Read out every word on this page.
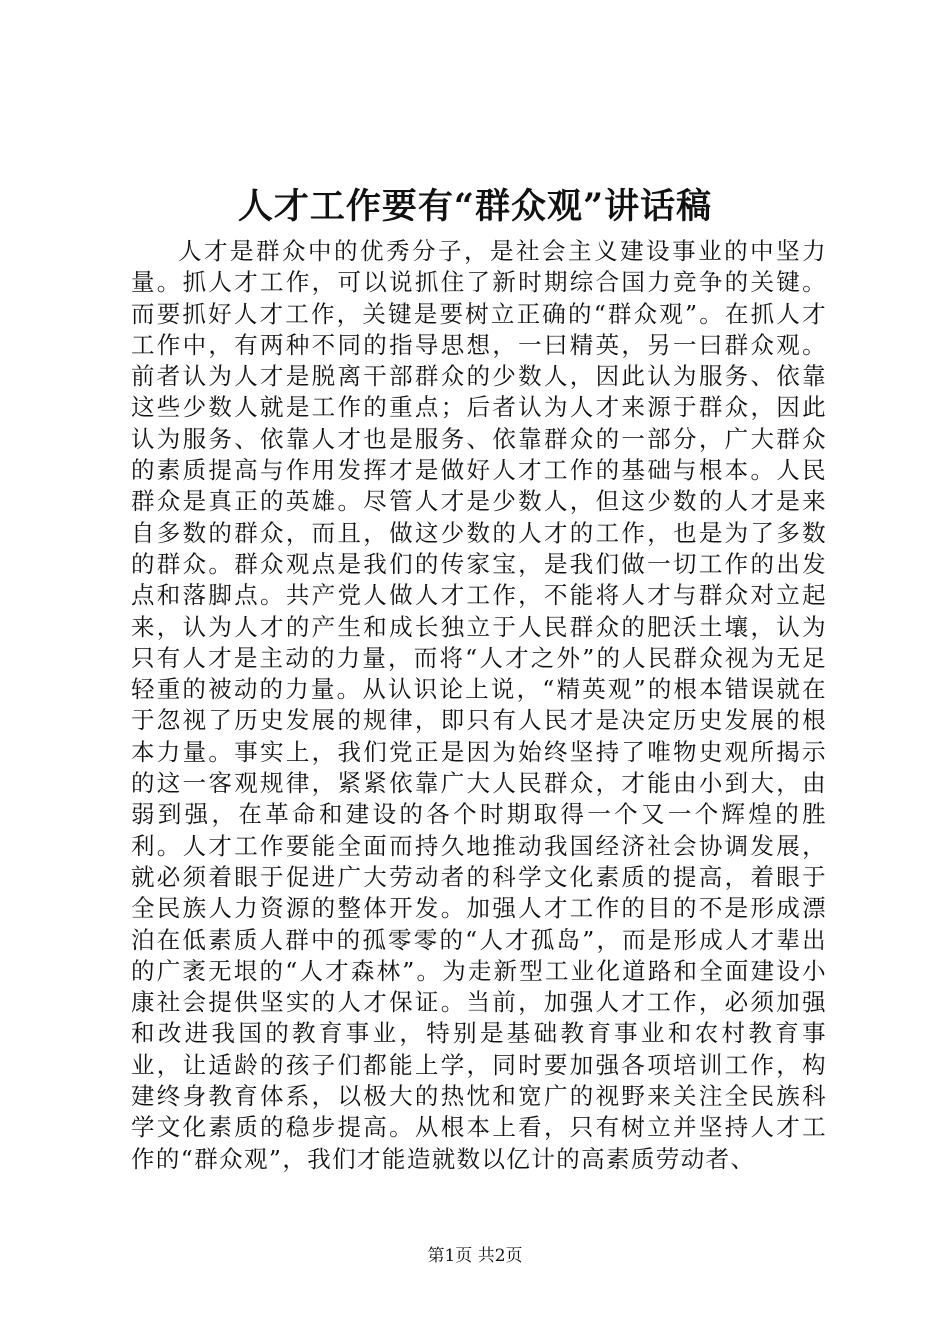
人才工作要有“群众观”讲话稿
人才是群众中的优秀分子，是社会主义建设事业的中坚力量。抓人才工作，可以说抓住了新时期综合国力竞争的关键。而要抓好人才工作，关键是要树立正确的“群众观”。在抓人才工作中，有两种不同的指导思想，一曰精英，另一曰群众观。前者认为人才是脱离干部群众的少数人，因此认为服务、依靠这些少数人就是工作的重点；后者认为人才来源于群众，因此认为服务、依靠人才也是服务、依靠群众的一部分，广大群众的素质提高与作用发挥才是做好人才工作的基础与根本。人民群众是真正的英雄。尽管人才是少数人，但这少数的人才是来自多数的群众，而且，做这少数的人才的工作，也是为了多数的群众。群众观点是我们的传家宝，是我们做一切工作的出发点和落脚点。共产党人做人才工作，不能将人才与群众对立起来，认为人才的产生和成长独立于人民群众的肥沃土壤，认为只有人才是主动的力量，而将“人才之外”的人民群众视为无足轻重的被动的力量。从认识论上说，“精英观”的根本错误就在于忽视了历史发展的规律，即只有人民才是决定历史发展的根本力量。事实上，我们党正是因为始终坚持了唯物史观所揭示的这一客观规律，紧紧依靠广大人民群众，才能由小到大，由弱到强，在革命和建设的各个时期取得一个又一个辉煌的胜利。人才工作要能全面而持久地推动我国经济社会协调发展，就必须着眼于促进广大劳动者的科学文化素质的提高，着眼于全民族人力资源的整体开发。加强人才工作的目的不是形成漂泊在低素质人群中的孤零零的“人才孤岛”，而是形成人才辈出的广袤无垠的“人才森林”。为走新型工业化道路和全面建设小康社会提供坚实的人才保证。当前，加强人才工作，必须加强和改进我国的教育事业，特别是基础教育事业和农村教育事业，让适龄的孩子们都能上学，同时要加强各项培训工作，构建终身教育体系，以极大的热忱和宽广的视野来关注全民族科学文化素质的稳步提高。从根本上看，只有树立并坚持人才工作的“群众观”，我们才能造就数以亿计的高素质劳动者、
第1页 共2页
